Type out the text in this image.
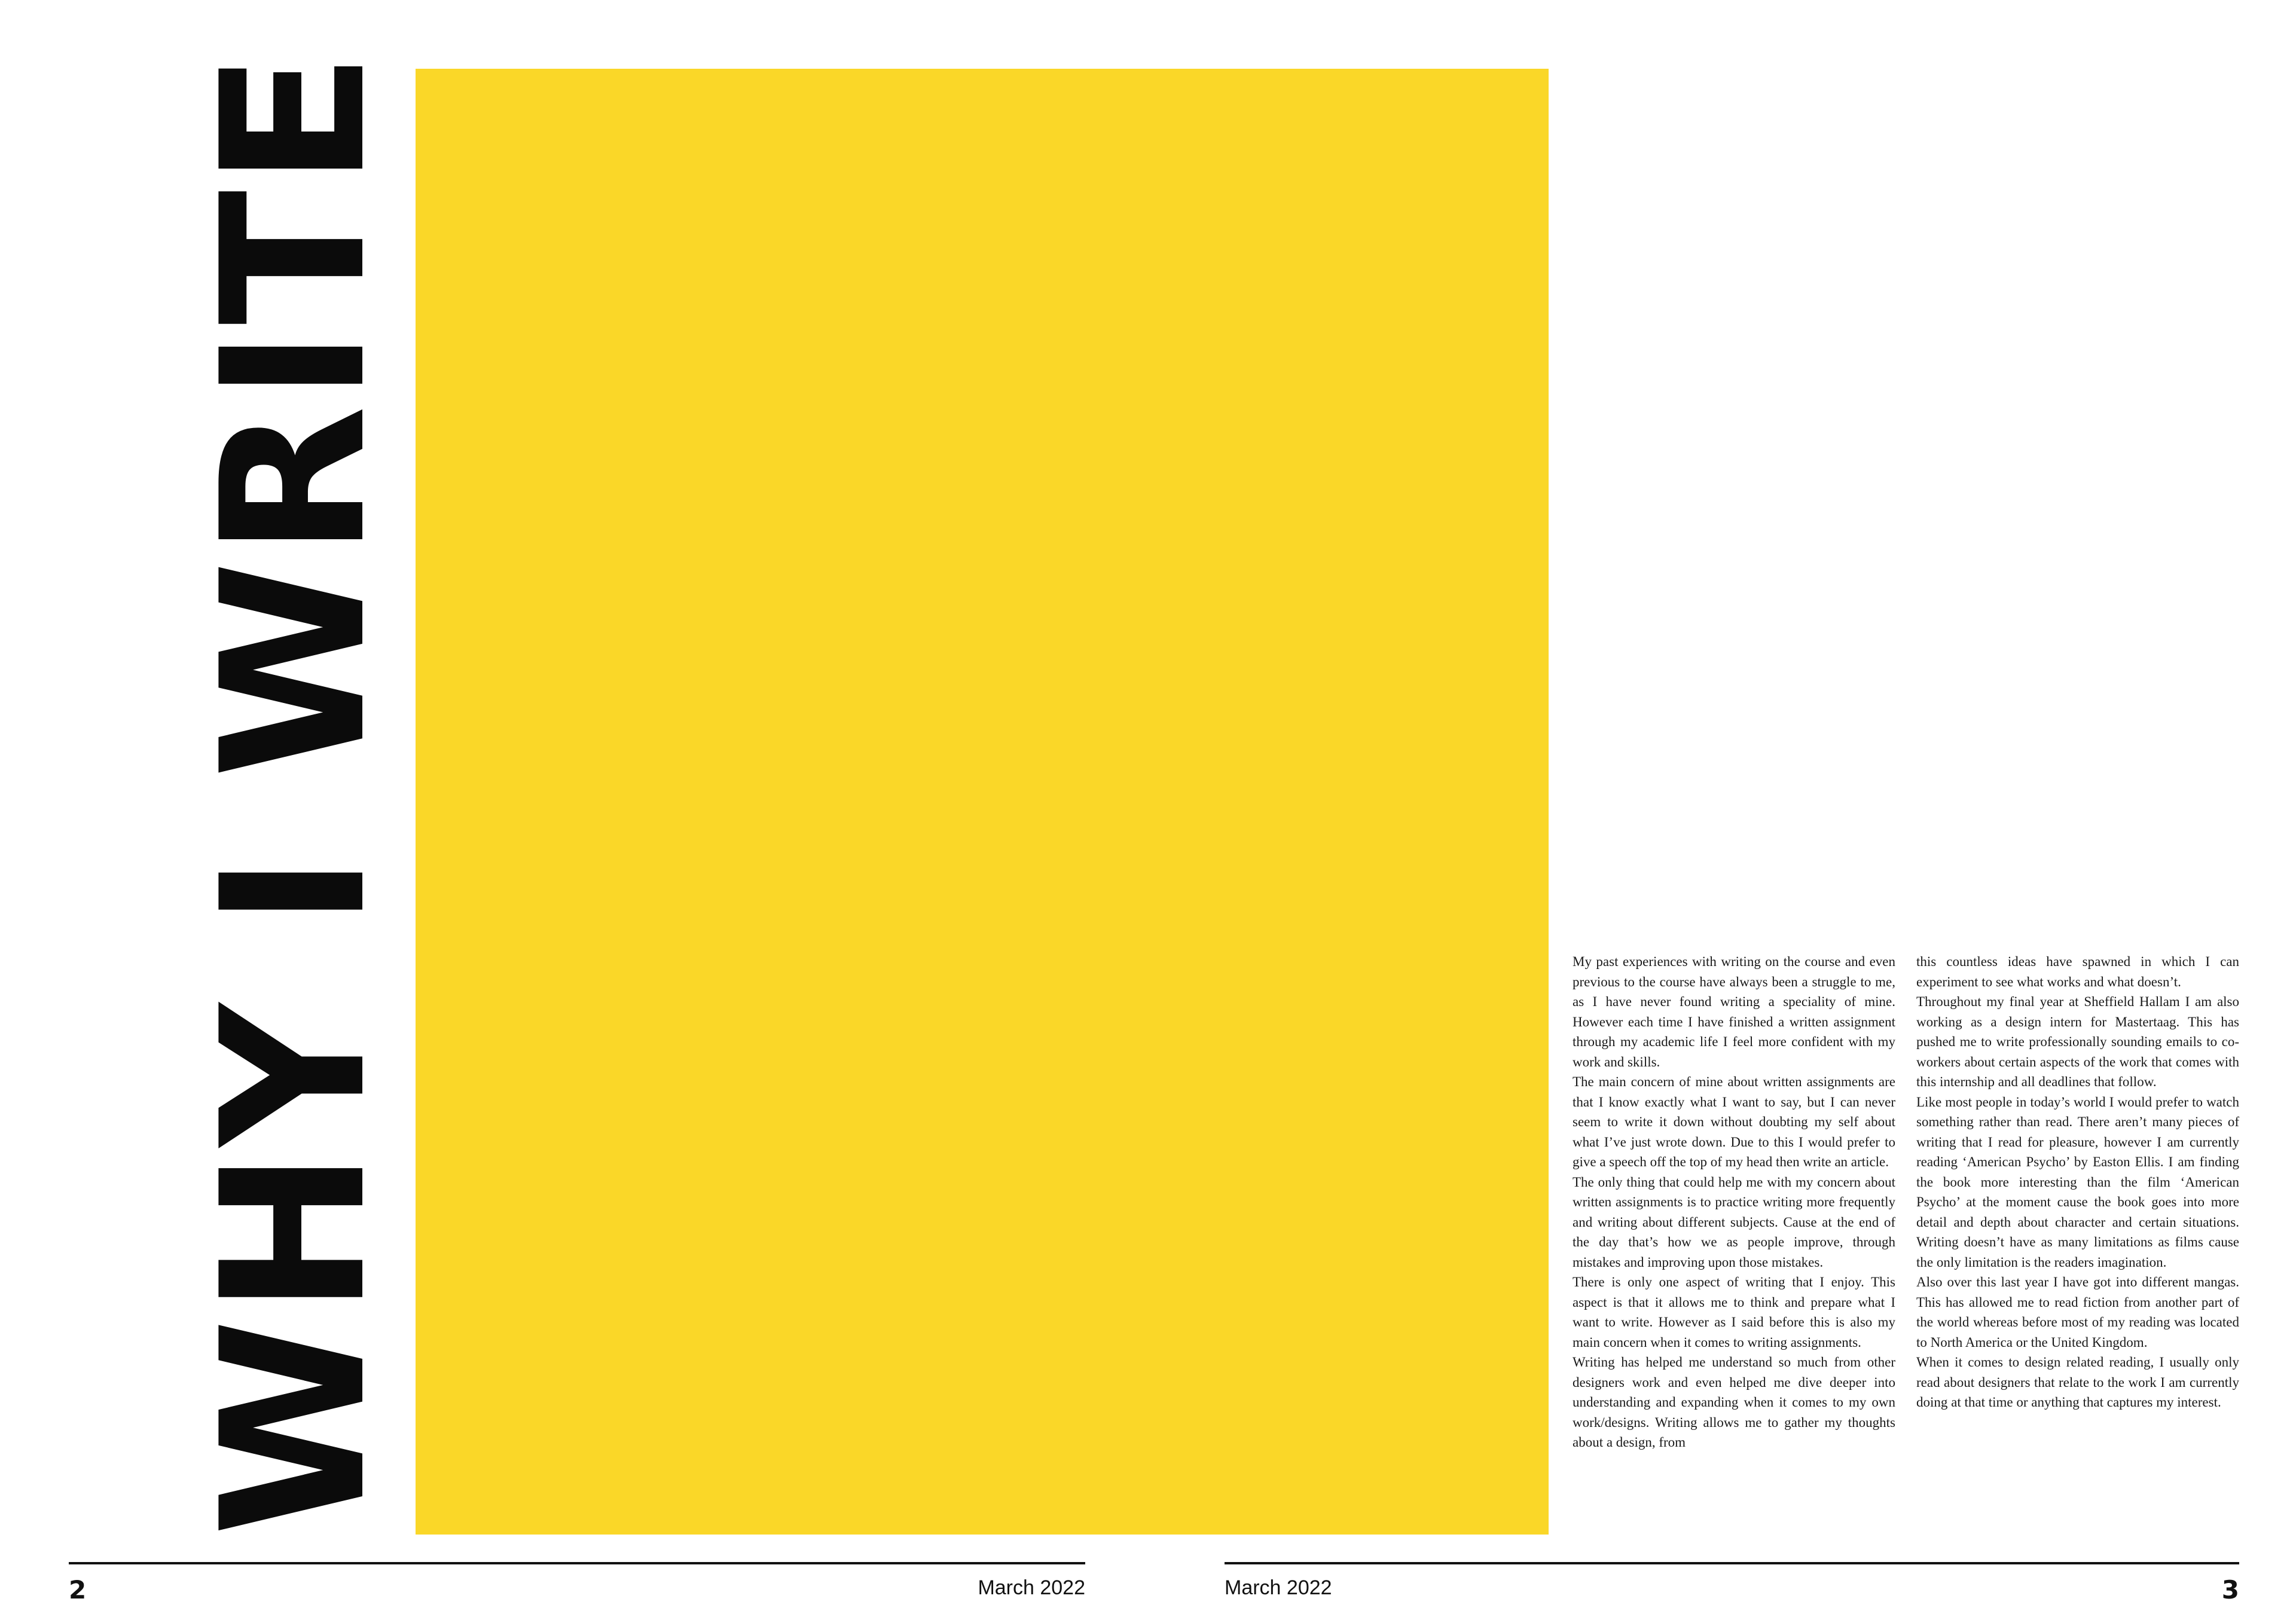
WHY I WRITE	My past experiences with writing on the course and even previous to the course have always been a struggle to me, as I have never found writing a speciality of mine. However each time I have finished a written assignment through my academic life I feel more confident with my work and skills.

The main concern of mine about written assignments are that I know exactly what I want to say, but I can never seem to write it down without doubting my self about what I’ve just wrote down. Due to this I would prefer to give a speech off the top of my head then write an article.

The only thing that could help me with my concern about written assignments is to practice writing more frequently and writing about different subjects. Cause at the end of the day that’s how we as people improve, through mistakes and improving upon those mistakes.

There is only one aspect of writing that I enjoy. This aspect is that it allows me to think and prepare what I want to write. However as I said before this is also my main concern when it comes to writing assignments.

Writing has helped me understand so much from other designers work and even helped me dive deeper into understanding and expanding when it comes to my own work/designs. Writing allows me to gather my thoughts about a design, from

this countless ideas have spawned in which I can experiment to see what works and what doesn’t.

Throughout my final year at Sheffield Hallam I am also working as a design intern for Mastertaag. This has pushed me to write professionally sounding emails to co-workers about certain aspects of the work that comes with this internship and all deadlines that follow.

Like most people in today’s world I would prefer to watch something rather than read. There aren’t many pieces of writing that I read for pleasure, however I am currently reading ‘American Psycho’ by Easton Ellis. I am finding the book more interesting than the film ‘American Psycho’ at the moment cause the book goes into more detail and depth about character and certain situations. Writing doesn’t have as many limitations as films cause the only limitation is the readers imagination.

Also over this last year I have got into different mangas. This has allowed me to read fiction from another part of the world whereas before most of my reading was located to North America or the United Kingdom.

When it comes to design related reading, I usually only read about designers that relate to the work I am currently doing at that time or anything that captures my interest.

2	March 2022	March 2022	3
